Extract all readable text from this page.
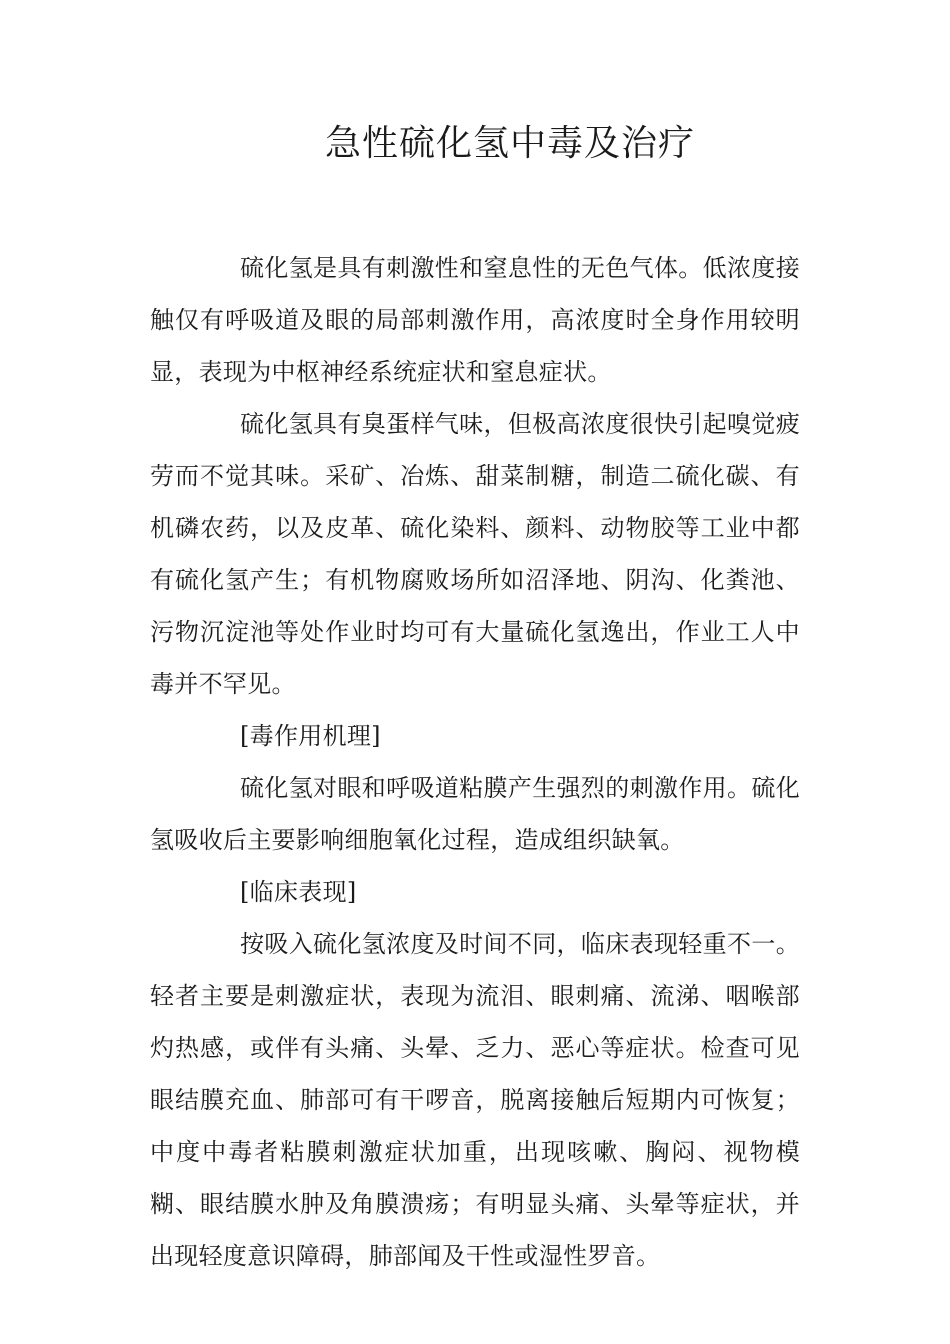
急性硫化氢中毒及治疗

硫化氢是具有刺激性和窒息性的无色气体。低浓度接触仅有呼吸道及眼的局部刺激作用，高浓度时全身作用较明显，表现为中枢神经系统症状和窒息症状。

硫化氢具有臭蛋样气味，但极高浓度很快引起嗅觉疲劳而不觉其味。采矿、冶炼、甜菜制糖，制造二硫化碳、有机磷农药，以及皮革、硫化染料、颜料、动物胶等工业中都有硫化氢产生；有机物腐败场所如沼泽地、阴沟、化粪池、污物沉淀池等处作业时均可有大量硫化氢逸出，作业工人中毒并不罕见。

[毒作用机理]

硫化氢对眼和呼吸道粘膜产生强烈的刺激作用。硫化氢吸收后主要影响细胞氧化过程，造成组织缺氧。

[临床表现]

按吸入硫化氢浓度及时间不同，临床表现轻重不一。轻者主要是刺激症状，表现为流泪、眼刺痛、流涕、咽喉部灼热感，或伴有头痛、头晕、乏力、恶心等症状。检查可见眼结膜充血、肺部可有干啰音，脱离接触后短期内可恢复；中度中毒者粘膜刺激症状加重，出现咳嗽、胸闷、视物模糊、眼结膜水肿及角膜溃疡；有明显头痛、头晕等症状，并出现轻度意识障碍，肺部闻及干性或湿性罗音。
